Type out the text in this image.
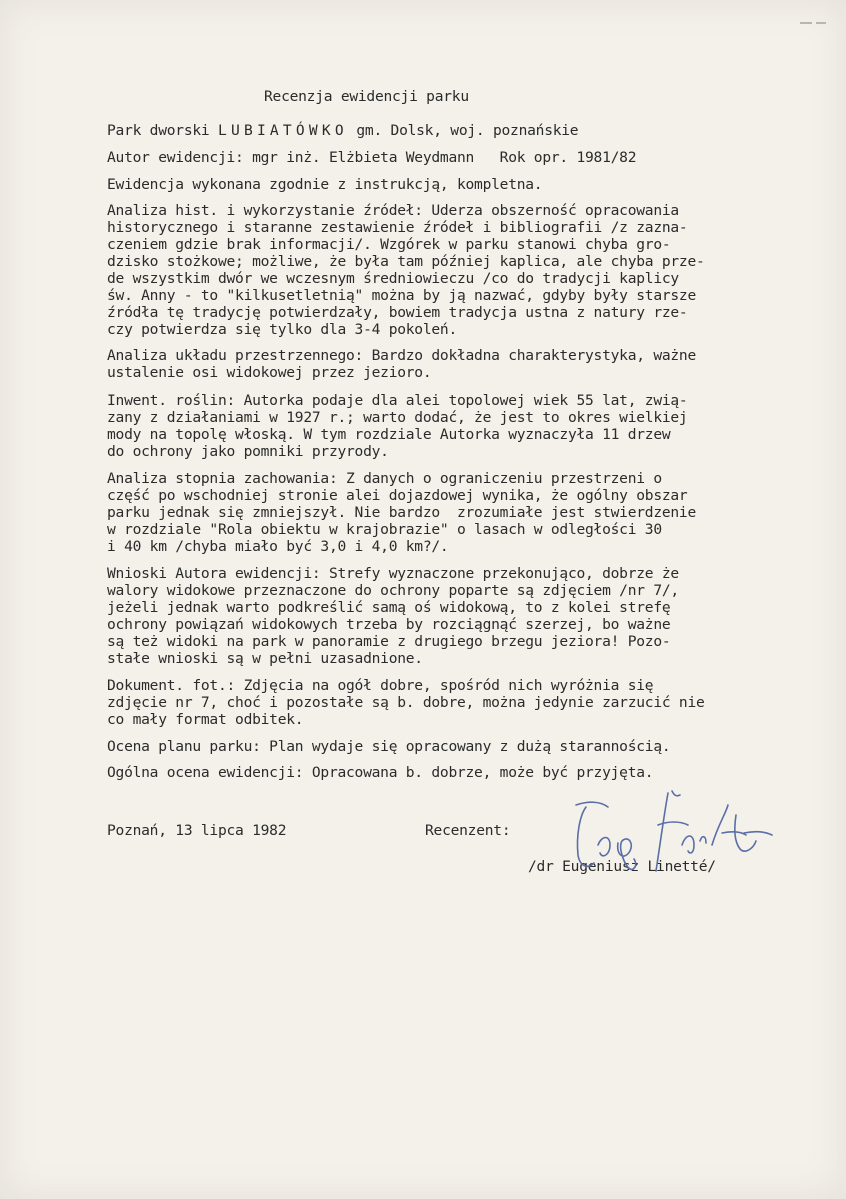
Recenzja ewidencji parku
Park dworski LUBIATÓWKO gm. Dolsk, woj. poznańskie
Autor ewidencji: mgr inż. Elżbieta Weydmann   Rok opr. 1981/82
Ewidencja wykonana zgodnie z instrukcją, kompletna.
Analiza hist. i wykorzystanie źródeł: Uderza obszerność opracowania
historycznego i staranne zestawienie źródeł i bibliografii /z zazna-
czeniem gdzie brak informacji/. Wzgórek w parku stanowi chyba gro-
dzisko stożkowe; możliwe, że była tam później kaplica, ale chyba prze-
de wszystkim dwór we wczesnym średniowieczu /co do tradycji kaplicy
św. Anny - to "kilkusetletnią" można by ją nazwać, gdyby były starsze
źródła tę tradycję potwierdzały, bowiem tradycja ustna z natury rze-
czy potwierdza się tylko dla 3-4 pokoleń.
Analiza układu przestrzennego: Bardzo dokładna charakterystyka, ważne
ustalenie osi widokowej przez jezioro.
Inwent. roślin: Autorka podaje dla alei topolowej wiek 55 lat, zwią-
zany z działaniami w 1927 r.; warto dodać, że jest to okres wielkiej
mody na topolę włoską. W tym rozdziale Autorka wyznaczyła 11 drzew
do ochrony jako pomniki przyrody.
Analiza stopnia zachowania: Z danych o ograniczeniu przestrzeni o
część po wschodniej stronie alei dojazdowej wynika, że ogólny obszar
parku jednak się zmniejszył. Nie bardzo  zrozumiałe jest stwierdzenie
w rozdziale "Rola obiektu w krajobrazie" o lasach w odległości 30
i 40 km /chyba miało być 3,0 i 4,0 km?/.
Wnioski Autora ewidencji: Strefy wyznaczone przekonująco, dobrze że
walory widokowe przeznaczone do ochrony poparte są zdjęciem /nr 7/,
jeżeli jednak warto podkreślić samą oś widokową, to z kolei strefę
ochrony powiązań widokowych trzeba by rozciągnąć szerzej, bo ważne
są też widoki na park w panoramie z drugiego brzegu jeziora! Pozo-
stałe wnioski są w pełni uzasadnione.
Dokument. fot.: Zdjęcia na ogół dobre, spośród nich wyróżnia się
zdjęcie nr 7, choć i pozostałe są b. dobre, można jedynie zarzucić nie
co mały format odbitek.
Ocena planu parku: Plan wydaje się opracowany z dużą starannością.
Ogólna ocena ewidencji: Opracowana b. dobrze, może być przyjęta.
Poznań, 13 lipca 1982	Recenzent:
/dr Eugeniusz Linetté/
